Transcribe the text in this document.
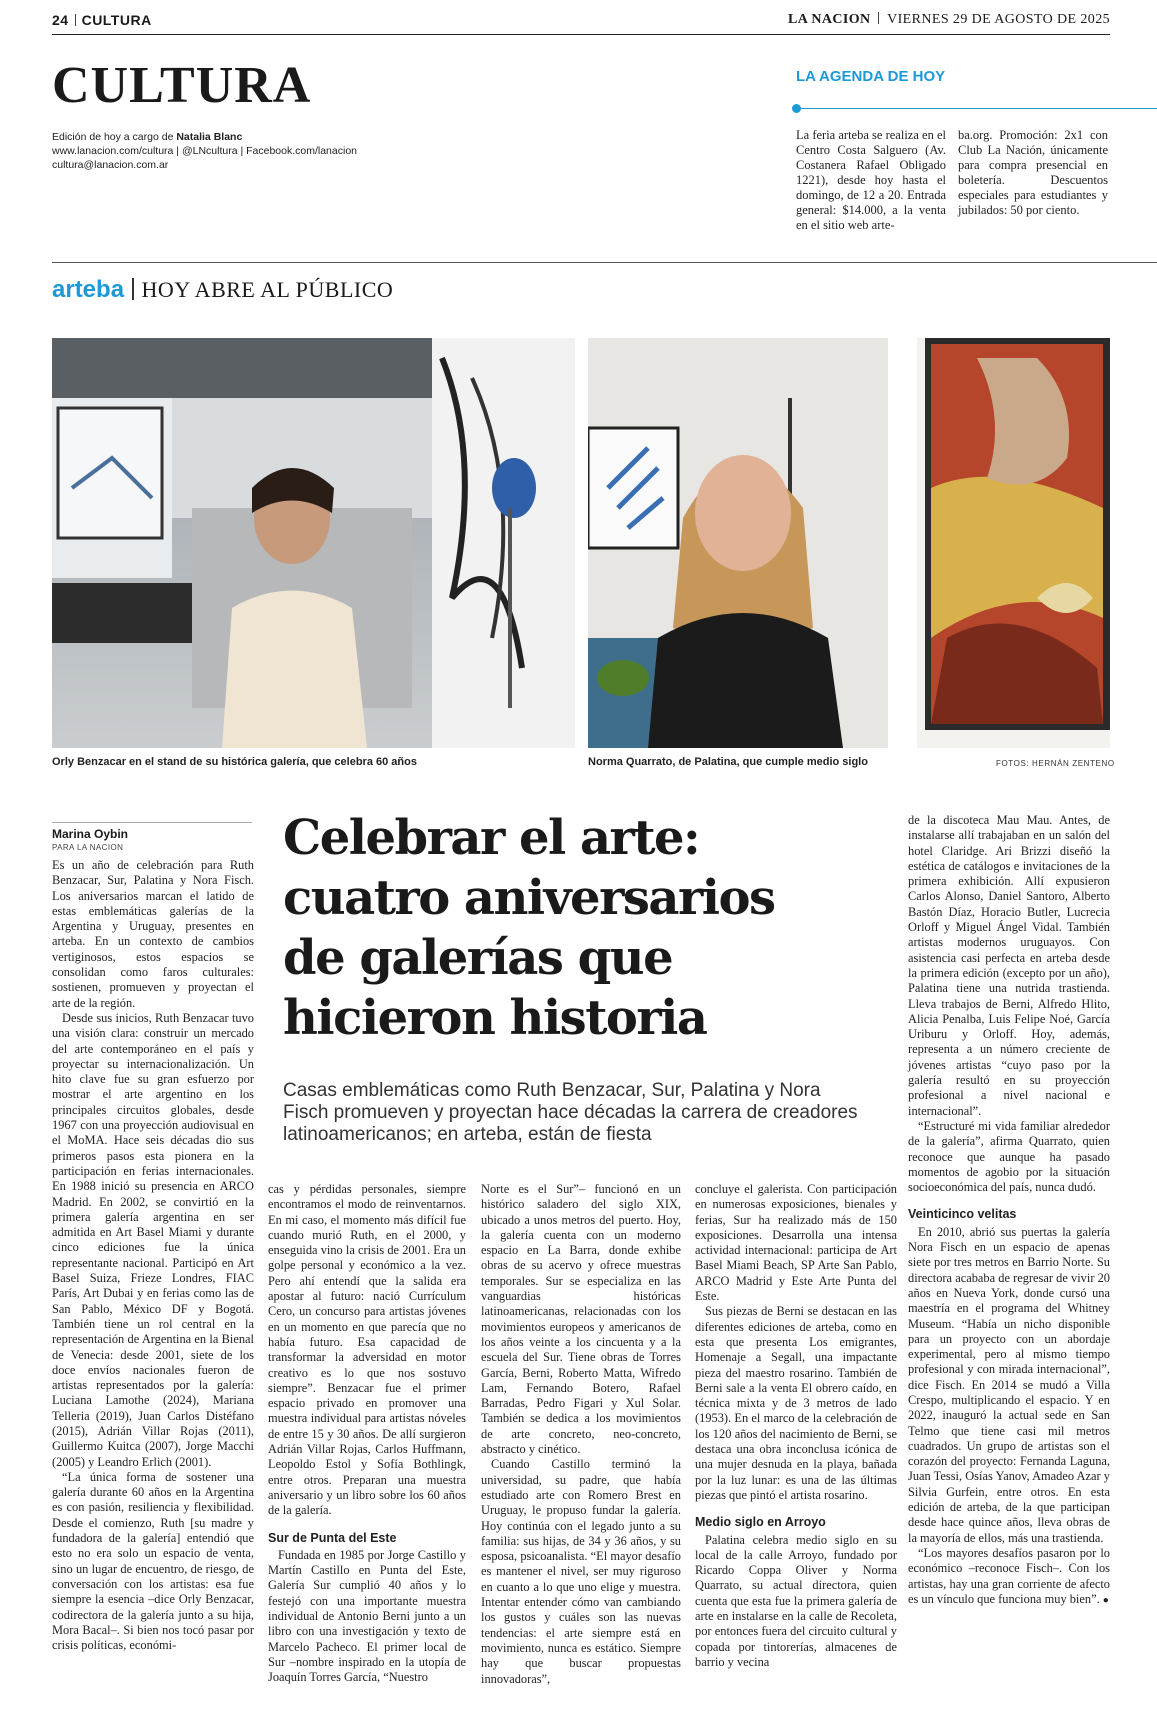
24 CULTURA	LA NACION VIERNES 29 DE AGOSTO DE 2025
CULTURA
Edición de hoy a cargo de Natalia Blanc
www.lanacion.com/cultura | @LNcultura | Facebook.com/lanacion
cultura@lanacion.com.ar
LA AGENDA DE HOY
La feria arteba se realiza en el Centro Costa Salguero (Av. Costanera Rafael Obligado 1221), desde hoy hasta el domingo, de 12 a 20. Entrada general: $14.000, a la venta en el sitio web arte-
ba.org. Promoción: 2x1 con Club La Nación, únicamente para compra presencial en boletería. Descuentos especiales para estudiantes y jubilados: 50 por ciento.
arteba HOY ABRE AL PÚBLICO
Orly Benzacar en el stand de su histórica galería, que celebra 60 años	Norma Quarrato, de Palatina, que cumple medio siglo	FOTOS: HERNÁN ZENTENO
Marina Oybin
PARA LA NACION	Celebrar el arte: cuatro aniversarios de galerías que hicieron historia
Casas emblemáticas como Ruth Benzacar, Sur, Palatina y Nora Fisch promueven y proyectan hace décadas la carrera de creadores latinoamericanos; en arteba, están de fiesta

Es un año de celebración para Ruth Benzacar, Sur, Palatina y Nora Fisch. Los aniversarios marcan el latido de estas emblemáticas galerías de la Argentina y Uruguay, presentes en arteba. En un contexto de cambios vertiginosos, estos espacios se consolidan como faros culturales: sostienen, promueven y proyectan el arte de la región.

Desde sus inicios, Ruth Benzacar tuvo una visión clara: construir un mercado del arte contemporáneo en el país y proyectar su internacionalización. Un hito clave fue su gran esfuerzo por mostrar el arte argentino en los principales circuitos globales, desde 1967 con una proyección audiovisual en el MoMA. Hace seis décadas dio sus primeros pasos esta pionera en la participación en ferias internacionales. En 1988 inició su presencia en ARCO Madrid. En 2002, se convirtió en la primera galería argentina en ser admitida en Art Basel Miami y durante cinco ediciones fue la única representante nacional. Participó en Art Basel Suiza, Frieze Londres, FIAC París, Art Dubai y en ferias como las de San Pablo, México DF y Bogotá. También tiene un rol central en la representación de Argentina en la Bienal de Venecia: desde 2001, siete de los doce envíos nacionales fueron de artistas representados por la galería: Luciana Lamothe (2024), Mariana Telleria (2019), Juan Carlos Distéfano (2015), Adrián Villar Rojas (2011), Guillermo Kuitca (2007), Jorge Macchi (2005) y Leandro Erlich (2001).

“La única forma de sostener una galería durante 60 años en la Argentina es con pasión, resiliencia y flexibilidad. Desde el comienzo, Ruth [su madre y fundadora de la galería] entendió que esto no era solo un espacio de venta, sino un lugar de encuentro, de riesgo, de conversación con los artistas: esa fue siempre la esencia –dice Orly Benzacar, codirectora de la galería junto a su hija, Mora Bacal–. Si bien nos tocó pasar por crisis políticas, económi-

cas y pérdidas personales, siempre encontramos el modo de reinventarnos. En mi caso, el momento más difícil fue cuando murió Ruth, en el 2000, y enseguida vino la crisis de 2001. Era un golpe personal y económico a la vez. Pero ahí entendí que la salida era apostar al futuro: nació Currículum Cero, un concurso para artistas jóvenes en un momento en que parecía que no había futuro. Esa capacidad de transformar la adversidad en motor creativo es lo que nos sostuvo siempre”. Benzacar fue el primer espacio privado en promover una muestra individual para artistas nóveles de entre 15 y 30 años. De allí surgieron Adrián Villar Rojas, Carlos Huffmann, Leopoldo Estol y Sofía Bothlingk, entre otros. Preparan una muestra aniversario y un libro sobre los 60 años de la galería.

Sur de Punta del Este

Fundada en 1985 por Jorge Castillo y Martín Castillo en Punta del Este, Galería Sur cumplió 40 años y lo festejó con una importante muestra individual de Antonio Berni junto a un libro con una investigación y texto de Marcelo Pacheco. El primer local de Sur –nombre inspirado en la utopía de Joaquín Torres García, “Nuestro

Norte es el Sur”– funcionó en un histórico saladero del siglo XIX, ubicado a unos metros del puerto. Hoy, la galería cuenta con un moderno espacio en La Barra, donde exhibe obras de su acervo y ofrece muestras temporales. Sur se especializa en las vanguardias históricas latinoamericanas, relacionadas con los movimientos europeos y americanos de los años veinte a los cincuenta y a la escuela del Sur. Tiene obras de Torres García, Berni, Roberto Matta, Wifredo Lam, Fernando Botero, Rafael Barradas, Pedro Figari y Xul Solar. También se dedica a los movimientos de arte concreto, neo-concreto, abstracto y cinético.

Cuando Castillo terminó la universidad, su padre, que había estudiado arte con Romero Brest en Uruguay, le propuso fundar la galería. Hoy continúa con el legado junto a su familia: sus hijas, de 34 y 36 años, y su esposa, psicoanalista. “El mayor desafío es mantener el nivel, ser muy riguroso en cuanto a lo que uno elige y muestra. Intentar entender cómo van cambiando los gustos y cuáles son las nuevas tendencias: el arte siempre está en movimiento, nunca es estático. Siempre hay que buscar propuestas innovadoras”,

concluye el galerista. Con participación en numerosas exposiciones, bienales y ferias, Sur ha realizado más de 150 exposiciones. Desarrolla una intensa actividad internacional: participa de Art Basel Miami Beach, SP Arte San Pablo, ARCO Madrid y Este Arte Punta del Este.

Sus piezas de Berni se destacan en las diferentes ediciones de arteba, como en esta que presenta Los emigrantes, Homenaje a Segall, una impactante pieza del maestro rosarino. También de Berni sale a la venta El obrero caído, en técnica mixta y de 3 metros de lado (1953). En el marco de la celebración de los 120 años del nacimiento de Berni, se destaca una obra inconclusa icónica de una mujer desnuda en la playa, bañada por la luz lunar: es una de las últimas piezas que pintó el artista rosarino.

Medio siglo en Arroyo

Palatina celebra medio siglo en su local de la calle Arroyo, fundado por Ricardo Coppa Oliver y Norma Quarrato, su actual directora, quien cuenta que esta fue la primera galería de arte en instalarse en la calle de Recoleta, por entonces fuera del circuito cultural y copada por tintorerías, almacenes de barrio y vecina

de la discoteca Mau Mau. Antes, de instalarse allí trabajaban en un salón del hotel Claridge. Ari Brizzi diseñó la estética de catálogos e invitaciones de la primera exhibición. Allí expusieron Carlos Alonso, Daniel Santoro, Alberto Bastón Díaz, Horacio Butler, Lucrecia Orloff y Miguel Ángel Vidal. También artistas modernos uruguayos. Con asistencia casi perfecta en arteba desde la primera edición (excepto por un año), Palatina tiene una nutrida trastienda. Lleva trabajos de Berni, Alfredo Hlito, Alicia Penalba, Luis Felipe Noé, García Uriburu y Orloff. Hoy, además, representa a un número creciente de jóvenes artistas “cuyo paso por la galería resultó en su proyección profesional a nivel nacional e internacional”.

“Estructuré mi vida familiar alrededor de la galería”, afirma Quarrato, quien reconoce que aunque ha pasado momentos de agobio por la situación socioeconómica del país, nunca dudó.

Veinticinco velitas

En 2010, abrió sus puertas la galería Nora Fisch en un espacio de apenas siete por tres metros en Barrio Norte. Su directora acababa de regresar de vivir 20 años en Nueva York, donde cursó una maestría en el programa del Whitney Museum. “Había un nicho disponible para un proyecto con un abordaje experimental, pero al mismo tiempo profesional y con mirada internacional”, dice Fisch. En 2014 se mudó a Villa Crespo, multiplicando el espacio. Y en 2022, inauguró la actual sede en San Telmo que tiene casi mil metros cuadrados. Un grupo de artistas son el corazón del proyecto: Fernanda Laguna, Juan Tessi, Osías Yanov, Amadeo Azar y Silvia Gurfein, entre otros. En esta edición de arteba, de la que participan desde hace quince años, lleva obras de la mayoría de ellos, más una trastienda.

“Los mayores desafíos pasaron por lo económico –reconoce Fisch–. Con los artistas, hay una gran corriente de afecto es un vínculo que funciona muy bien”. ●
